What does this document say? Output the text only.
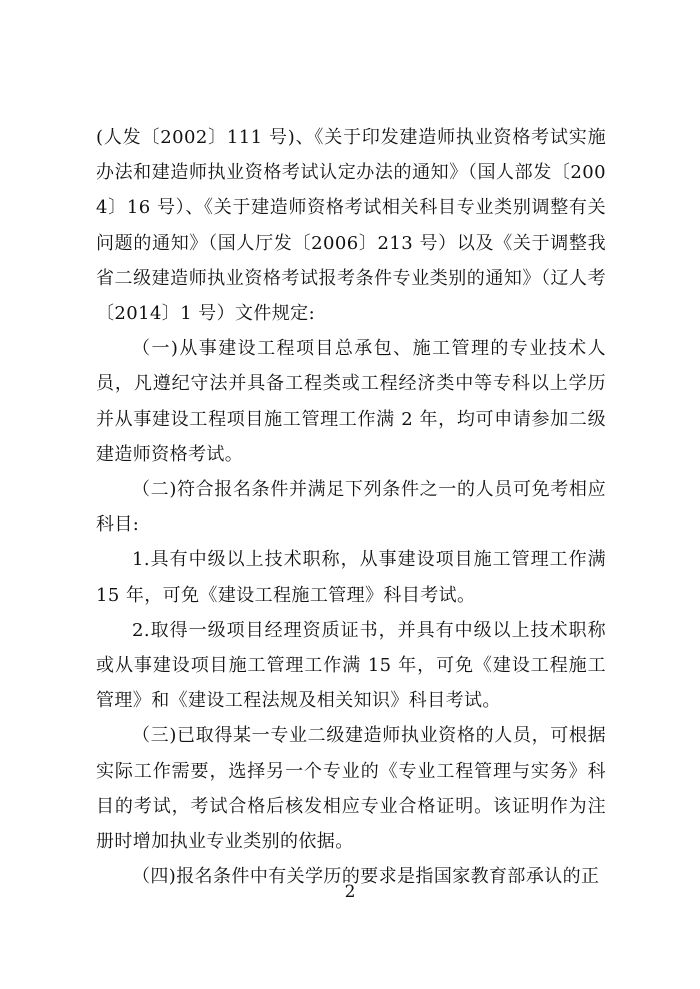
(人发〔2002〕111 号)、《关于印发建造师执业资格考试实施办法和建造师执业资格考试认定办法的通知》（国人部发〔2004〕16 号）、《关于建造师资格考试相关科目专业类别调整有关问题的通知》（国人厅发〔2006〕213 号）以及《关于调整我省二级建造师执业资格考试报考条件专业类别的通知》（辽人考〔2014〕1 号）文件规定:

（一)从事建设工程项目总承包、施工管理的专业技术人员，凡遵纪守法并具备工程类或工程经济类中等专科以上学历并从事建设工程项目施工管理工作满 2 年，均可申请参加二级建造师资格考试。

（二)符合报名条件并满足下列条件之一的人员可免考相应科目:

1.具有中级以上技术职称，从事建设项目施工管理工作满 15 年，可免《建设工程施工管理》科目考试。

2.取得一级项目经理资质证书，并具有中级以上技术职称或从事建设项目施工管理工作满 15 年，可免《建设工程施工管理》和《建设工程法规及相关知识》科目考试。

（三)已取得某一专业二级建造师执业资格的人员，可根据实际工作需要，选择另一个专业的《专业工程管理与实务》科目的考试，考试合格后核发相应专业合格证明。该证明作为注册时增加执业专业类别的依据。

（四)报名条件中有关学历的要求是指国家教育部承认的正

2
